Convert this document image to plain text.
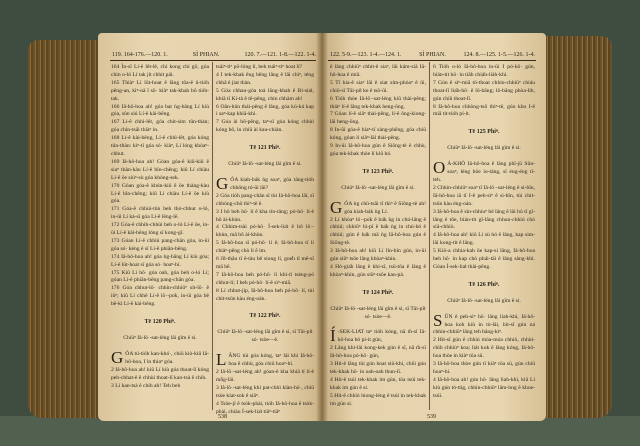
119. 164-176.—120. 1.	SÌ PHIAN.	120. 7.—121. 1-8.—122. 1-4. 122. 5-9.—123. 1-4.—124. 1.	SÌ PHIAN.	124. 8.—125. 1-5.—126. 1-4.

164 Ìn-sī Lí-ê lêt-lê, chí kong chí gō, góa chin o-ló Lí tak jit chhit pái.

165 Thiàⁿ Lí lūt-hoat ê lâng tōa-ê ū-tióh pêng-an, kìⁿ-nā î sō· kiàⁿ tak-khah bô tióh-tak.

166 Iâ-hô-hoa ah! góa bat ǹg-bāng Lí kiù góa, sûn siú Lí-ê kài-bēng.

167 Lí-ê chhì-lêt, góa chit-sim tûn-thàn; góa chin-tsāi thiàⁿ in.

168 Lí-ê kài-bēng, Lí-ê chhì-lêt, góa kóng tûn-thàn: kìⁿ-tī góa só· kiàⁿ, Lí lóng khòaⁿ-chhut.

169 Iâ-hô-hoa ah! Góan góa-ê kiû-kiû ê siaⁿ thàn-kàu Lí-ê bīn-chêng; kiû Lí chiàu Lí-ê ōe siúⁿ-sù góa khòng-sek.

170 Góan góa-ê khún-kiû ê ōe thàng-kàu Lí-ê bīn-chêng; kiû Lí chiàu Lí-ê ōe kiù góa.

171 Góa-ê chhùi-tûn beh thó-chhut o-ló, in-ūi Lí ká-sī góa Lí-ê lēng-lē.

172 Góa-ê chhih-chhùi beh o-ló Lí-ê ōe, in-ūi Lí-ê kài-bēng lóng sī kong-gī.

173 Góan Lí-ê chhiú pang-chān góa, in-ūi góa só· kéng ê sī Lí-ê phiān-bēng.

174 Iâ-hô-hoa ah! góa ǹg-bāng Lí kiù góa; Lí-ê lūt-hoat sī góa só· hoaⁿ-hí.

175 Kiû Lí hō· góa oah, góa beh o-ló Lí; góan Lí-ê phiān-bēng pang-chān góa.

176 Góa chhut-lō· chhin-chhiūⁿ sit-lō· ê iûⁿ; kiû Lí chhē Lí-ê lō·-po̍k, in-ūi góa bē bē-kì Lí-ê kài-bēng.

Tē 120 Phiⁿ.

Chiūⁿ Iâ-lō·-sat-léng lâi gîm ê si.

GÓA tú-tióh kan-khó·, chiū kiò-kiû Iâ-hô-hoa, I ìn thiaⁿ góa.

2 Iâ-hô-hoa ah! kiû Lí kiù góa thoat-lī kóng peh-chhat-ê ê chhùi thoat-lī kan-tsà ê chih.

3 Lí kan-tsà ê chih ah! Teh beh

tsáiⁿ-tiⁿ pō-lóng lí, beh tsáiⁿ-tiⁿ hoat lí?

4 I tek-khak ēng bêng lâng ê lāi chìⁿ, téng chhâ ê jiat thàn.

5 Góa chhau-góa toà lâng-khah ê Bí-sia̍t, khiā tī Ki-tà ê tê-pêng, chin chhàm ah!

6 Oân-hūn thái-pêng ê lâng, góa kú-kú kap i saⁿ-kap khiā-khì.

7 Góa ài hô-pêng, taⁿ-sī góa kóng chhùi kóng bô, in chiū ài kau-chiàn.

Tē 121 Phiⁿ.

Chiūⁿ Iâ-lō·-sat-léng lâi gîm ê si.

GÓA kiah-bák ǹg soaⁿ, góa tāng-tióh chhōng tó-ūi lâi?

2 Góa tióh pang-chān sī tùi Iâ-hô-hoa lâi, sī chhòng-chō thiⁿ-tē ê.

3 I bô beh hō· lí ê kha tín-tāng; pó-hō· lí-ê bô ài-khùn.

4 Chhim-tsài pó-hō· Í-sek-lia̍t ê bô lō·-khùn, mā bô ài-khùn.

5 Iâ-hô-hoa sī pó-hō· lí ê; Iâ-hô-hoa tī lí chiàⁿ-pêng chò lí ê ìm.

6 Ji̍t-thâu tī ê-tàu bē siong lí, goe̍h tī mê-sî mā bē.

7 Iâ-hô-hoa beh pó-hō· lí khì-tī tsèng-pó chhut-lí; I beh pó-hō· lí-ê sìⁿ-miā.

8 Lí chhut-jip, Iâ-hô-hoa beh pó-hō· lí, tùi chit-tsūn kàu éng-oán.

Tē 122 Phiⁿ.

Chiūⁿ Iâ-lō·-sat-léng lâi gîm ê si, sī Tāi-pi̍t só· tsòe—ê.

LÂNG tùi góa kóng, taⁿ lâi khì Iâ-hô-hoa ê chhù, góa chiū hoaⁿ-hí.

2 Iâ-lō·-sat-léng ah! góan-ê kha khiā tī lí-ê mn̂g-lāi.

3 Iâ-lō·-sat-léng khí pat-chhì kiàn-hó·, chiū tsòe kiat-sok ê siâⁿ.

4 Tsòe-jī ê tsòk-phài, tióh Iâ-hô-hoa ê tsòk-phài, chiàu Í-sek-lia̍t tiāⁿ-tiāⁿ

ê lâng chhiūⁿ chhit-ê siaⁿ, lâi kám-siā Iâ-hô-hoa ê miâ.

5 Tī hia-ê siaⁿ lâi ê siat sím-phòaⁿ ê ūi, chiū-sī Tāi-pi̍t ke ê tsō-ūi.

6 Tióh thòe Iâ-lō·-sat-léng kiû thài-pêng; thiàⁿ lí-ê lâng tek-khak heng-ōng.

7 Góan lí-ê siâⁿ thài-pêng, lí-ê ông-kiong-lāi heng-ōng.

8 In-ūi góa-ê hiaⁿ-tī sàng-phēng, góa chiū kóng, góan lí siâⁿ-lāi thài-pêng.

9 In-ūi Iâ-hô-hoa gún ê Siōng-tè ê chhù, góa tek-khak thòe lí kiû hó.

Tē 123 Phiⁿ.

Chiūⁿ Iâ-lō·-sat-léng lâi gîm ê si.

GÓA ǹg chū-tsāi tī thiⁿ ê Siōng-tè ah! góa kiah-bák ǹg Lí.

2 Lí khòaⁿ lô·-po̍k ê ba̍k ǹg in chú-lâng ê chhiú; chhiūⁿ lú-pī ê ba̍k ǹg in chú-bó ê chhiú; gún ê ba̍k mā ǹg Iâ-hô-hoa gún ê Siōng-tè.

3 Iâ-hô-hoa ah! kiû Lí lîn-bín gún, in-ūi gún siūⁿ tsōe lâng khòaⁿ-khin.

4 Hó-gia̍h lâng ê khi-sī, tsū-tōa ê lâng ê khòaⁿ-khin, gún siūⁿ-tsōe kau-pá.

Tē 124 Phiⁿ.

Chiūⁿ Iâ-lō·-sat-léng lâi gîm ê si, sī Tāi-pi̍t só· tsòe—ê.

Í-SEK-LIA̍T taⁿ tióh kóng, nā m̄-sī Iâ-hô-hoa bô pí-it gún,

2 Lâng khí-lâi kong-kek gún ê sî, nā m̄-sī Iâ-hô-hoa pó-hō· gún,

3 Hit-ê lâng tùi gún hoat siū-khì, chiū gún tek-khak hō· in oah-oah thun-lī.

4 Hit-ê tsúi tek-khak im gún, tōa tsúi tek-khak im gún ê sí.

5 Hit-ê chhiò hiong-léng ê tsúi in tek-khak im gún sí.

6 Tióh o-ló Iâ-hô-hoa in-ūi I pó-hō· gún, bián-tit hō· in tiāh chiáh-liáh-khì.

7 Gún ê sìⁿ-miā tō-thoat chhin-chhiūⁿ chiáu thoat-lī lia̍h-hō· ê lō-bāng; lô-bāng phòa-lih, gún chiū thoat-lī.

8 Iâ-hô-hoa chhòng-tsō thiⁿ-tē, gún kho I-ê miâ tit-tióh pí-it.

Tē 125 Phiⁿ.

Chiūⁿ Iâ-lō·-sat-léng lâi gîm ê si.

OÁ-KHÒ Iâ-hô-hoa ê lâng phī-jū Sûn-soaⁿ, léng bōe ìo-tāng, sī éng-éng tī-teh.

2 Chhin-chhiūⁿ soaⁿ tī Iâ-lō·-sat-léng ê sì-bîn, Iâ-hô-hoa iā tī I-ê peh-sìⁿ ê sì-bîn, tùi chit-tsūn kàu éng-oán.

3 Iâ-hô-hoa ê sìn-chhiuⁿ bē lâng ê lāi bô tī gī-lâng ê tōe, bián-tit gī-lâng chhun-chhiú chò siā-chhiò.

4 Iâ-hô-hoa ah! kiû Lí sù hó ê lâng, kap sim-lāi kong-tit ê lâng.

5 Kiō-a chhia-kah ōe kap-sí lâng, Iâ-hô-hoa beh hō· in kap chò phái-tāi ê lâng sàng-khì. Góan Í-sek-lia̍t thài-pêng.

Tē 126 Phiⁿ.

Chiūⁿ Iâ-lō·-sat-léng lâi gîm ê si.

SÛN ê peh-sìⁿ hō· lâng liah-khì, Iâ-hô-hoa koh kiù in tò-lâi, hit-sî gún ná chhin-chhiūⁿ lâng teh bāng-kìⁿ.

2 Hit-sî gún ê chhùi móa-móa chhiò, chhùi-chih chhiùⁿ koa; liát kok ê lâng kóng, Iâ-hô-hoa thòe in kiàⁿ tōa sū.

3 Iâ-hô-hoa thòe gún tī kiàⁿ tōa sū, gún chiū hoaⁿ-hí.

4 Iâ-hô-hoa ah! gún hō· lâng liah-khì, kiû Lí kiù gún tò-tńg, chhin-chhiūⁿ lâm-hng ê khoe-tsúi.

538	539
